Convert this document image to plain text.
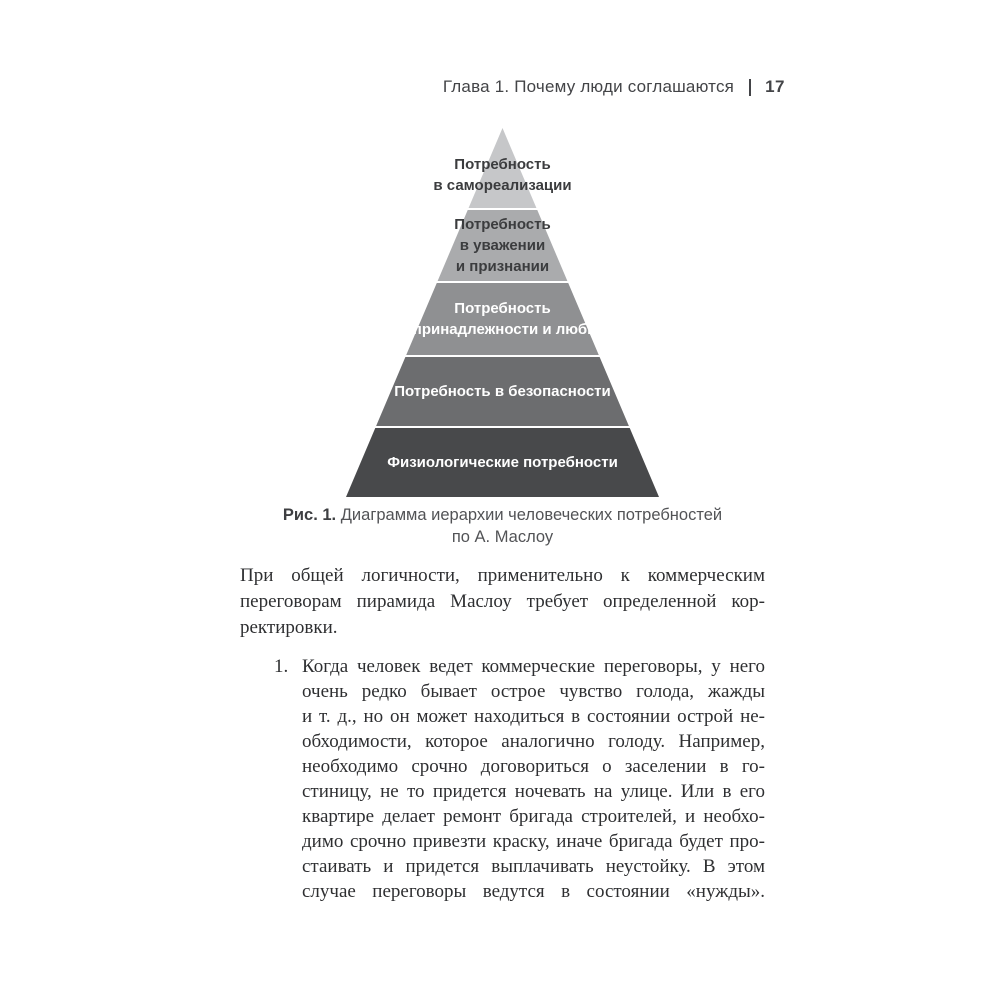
Глава 1. Почему люди соглашаются 17
Потребность
в самореализации
Потребность
в уважении
и признании
Потребность
в принадлежности и любви
Потребность в безопасности
Физиологические потребности
Рис. 1. Диаграмма иерархии человеческих потребностей
по А. Маслоу
При общей логичности, применительно к коммерческим
переговорам пирамида Маслоу требует определенной кор-
ректировки.
1. Когда человек ведет коммерческие переговоры, у него
очень редко бывает острое чувство голода, жажды
и т. д., но он может находиться в состоянии острой не-
обходимости, которое аналогично голоду. Например,
необходимо срочно договориться о заселении в го-
стиницу, не то придется ночевать на улице. Или в его
квартире делает ремонт бригада строителей, и необхо-
димо срочно привезти краску, иначе бригада будет про-
стаивать и придется выплачивать неустойку. В этом
случае переговоры ведутся в состоянии «нужды».
